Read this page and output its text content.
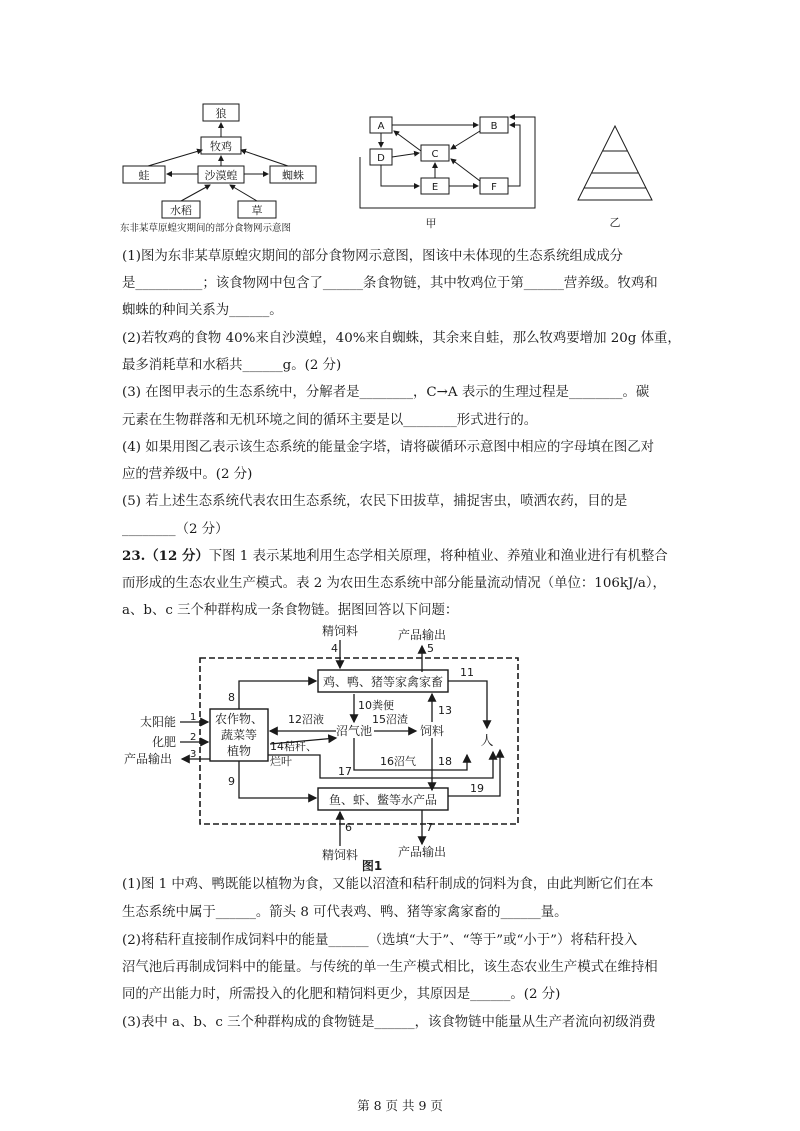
狼
牧鸡
蛙	沙漠蝗	蜘蛛
水稻	草
东非某草原蝗灾期间的部分食物网示意图
A	B
C
D
E	F
甲	乙
(1)图为东非某草原蝗灾期间的部分食物网示意图，图该中未体现的生态系统组成成分
是__________；该食物网中包含了______条食物链，其中牧鸡位于第______营养级。牧鸡和
蜘蛛的种间关系为______。
(2)若牧鸡的食物 40%来自沙漠蝗，40%来自蜘蛛，其余来自蛙，那么牧鸡要增加 20g 体重，
最多消耗草和水稻共______g。(2 分)
(3) 在图甲表示的生态系统中，分解者是________，C→A 表示的生理过程是________。碳
元素在生物群落和无机环境之间的循环主要是以________形式进行的。
(4) 如果用图乙表示该生态系统的能量金字塔，请将碳循环示意图中相应的字母填在图乙对
应的营养级中。(2 分)
(5) 若上述生态系统代表农田生态系统，农民下田拔草，捕捉害虫，喷洒农药，目的是
________（2 分）
23.（12 分）下图 1 表示某地利用生态学相关原理，将种植业、养殖业和渔业进行有机整合
而形成的生态农业生产模式。表 2 为农田生态系统中部分能量流动情况（单位：106kJ/a），
a、b、c 三个种群构成一条食物链。据图回答以下问题：
精饲料	产品输出
4	5
鸡、鸭、猪等家禽家畜
农作物、
蔬菜等
植物
太阳能
化肥
产品输出
1
2
3
8
沼气池	饲料
10粪便
12沼液	15沼渣
13
14秸秆、
烂叶	16沼气 18
人
11
17
19
9
鱼、虾、鳖等水产品
6	7
精饲料	产品输出
图1
(1)图 1 中鸡、鸭既能以植物为食，又能以沼渣和秸秆制成的饲料为食，由此判断它们在本
生态系统中属于______。箭头 8 可代表鸡、鸭、猪等家禽家畜的______量。
(2)将秸秆直接制作成饲料中的能量______（选填“大于”、“等于”或“小于”）将秸秆投入
沼气池后再制成饲料中的能量。与传统的单一生产模式相比，该生态农业生产模式在维持相
同的产出能力时，所需投入的化肥和精饲料更少，其原因是______。(2 分)
(3)表中 a、b、c 三个种群构成的食物链是______，该食物链中能量从生产者流向初级消费
第 8 页 共 9 页
